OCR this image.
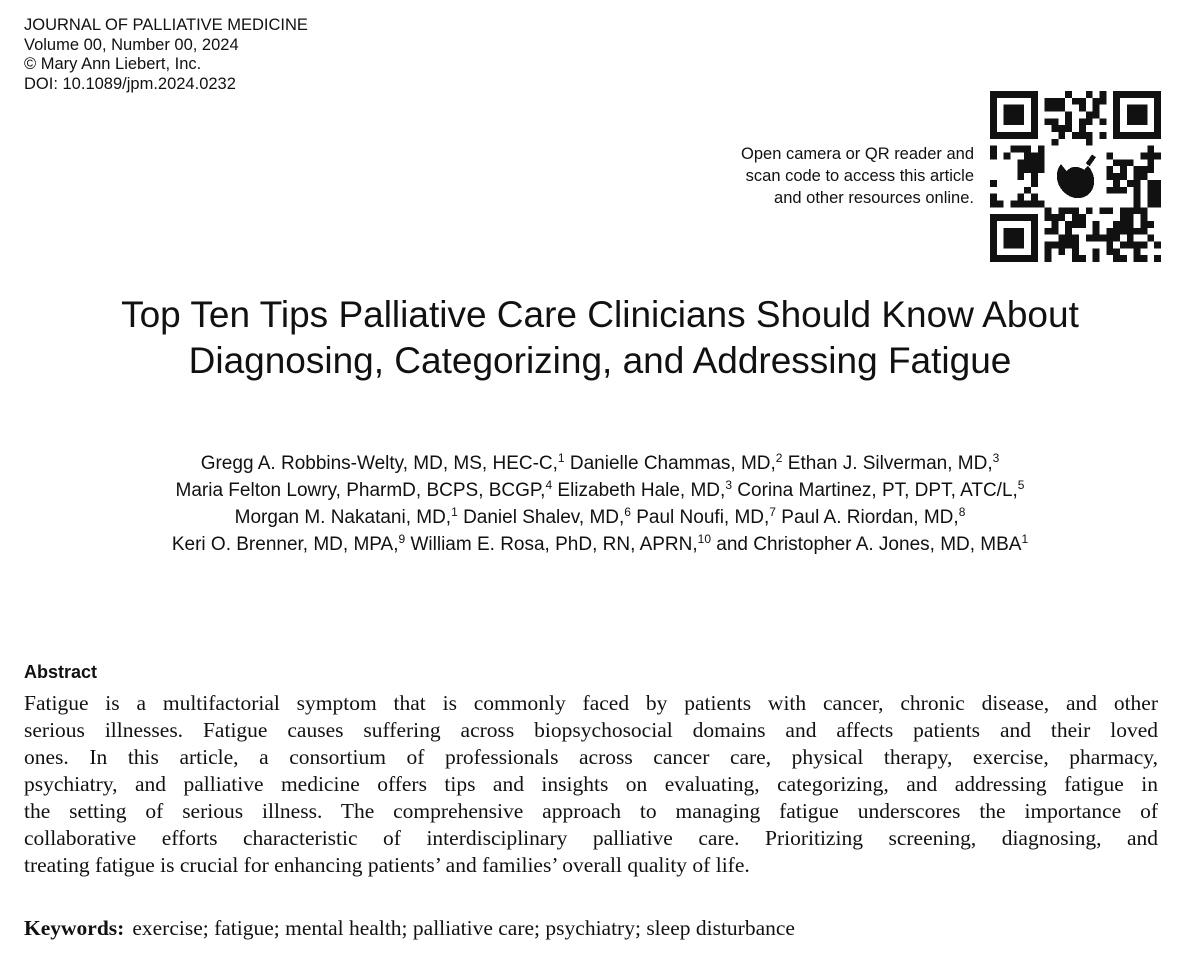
JOURNAL OF PALLIATIVE MEDICINE
Volume 00, Number 00, 2024
© Mary Ann Liebert, Inc.
DOI: 10.1089/jpm.2024.0232
Open camera or QR reader and
scan code to access this article
and other resources online.
Top Ten Tips Palliative Care Clinicians Should Know About
Diagnosing, Categorizing, and Addressing Fatigue
Gregg A. Robbins-Welty, MD, MS, HEC-C,$^1$ Danielle Chammas, MD,$^2$ Ethan J. Silverman, MD,$^3$
Maria Felton Lowry, PharmD, BCPS, BCGP,$^4$ Elizabeth Hale, MD,$^3$ Corina Martinez, PT, DPT, ATC/L,$^5$
Morgan M. Nakatani, MD,$^1$ Daniel Shalev, MD,$^6$ Paul Noufi, MD,$^7$ Paul A. Riordan, MD,$^8$
Keri O. Brenner, MD, MPA,$^9$ William E. Rosa, PhD, RN, APRN,$^{10}$ and Christopher A. Jones, MD, MBA$^1$
Abstract
Fatigue is a multifactorial symptom that is commonly faced by patients with cancer, chronic disease, and other
serious illnesses. Fatigue causes suffering across biopsychosocial domains and affects patients and their loved
ones. In this article, a consortium of professionals across cancer care, physical therapy, exercise, pharmacy,
psychiatry, and palliative medicine offers tips and insights on evaluating, categorizing, and addressing fatigue in
the setting of serious illness. The comprehensive approach to managing fatigue underscores the importance of
collaborative efforts characteristic of interdisciplinary palliative care. Prioritizing screening, diagnosing, and
treating fatigue is crucial for enhancing patients’ and families’ overall quality of life.
Keywords: exercise; fatigue; mental health; palliative care; psychiatry; sleep disturbance
